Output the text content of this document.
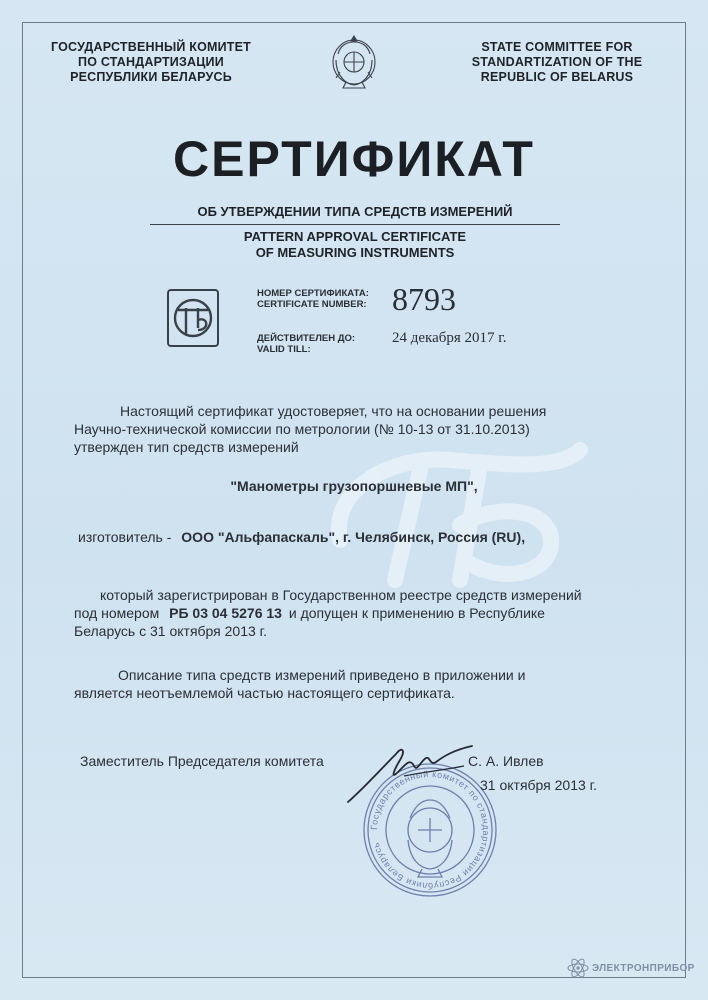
ГОСУДАРСТВЕННЫЙ КОМИТЕТ
ПО СТАНДАРТИЗАЦИИ
РЕСПУБЛИКИ БЕЛАРУСЬ
STATE COMMITTEE FOR
STANDARTIZATION OF THE
REPUBLIC OF BELARUS
СЕРТИФИКАТ
ОБ УТВЕРЖДЕНИИ ТИПА СРЕДСТВ ИЗМЕРЕНИЙ
PATTERN APPROVAL CERTIFICATE
OF MEASURING INSTRUMENTS
НОМЕР СЕРТИФИКАТА:
CERTIFICATE NUMBER: 8793
ДЕЙСТВИТЕЛЕН ДО:
VALID TILL:
24 декабря 2017 г.
Настоящий сертификат удостоверяет, что на основании решения
Научно-технической комиссии по метрологии (№ 10-13 от 31.10.2013)
утвержден тип средств измерений
"Манометры грузопоршневые МП",
изготовитель - ООО "Альфапаскаль", г. Челябинск, Россия (RU),
который зарегистрирован в Государственном реестре средств измерений
под номером РБ 03 04 5276 13 и допущен к применению в Республике
Беларусь с 31 октября 2013 г.
Описание типа средств измерений приведено в приложении и
является неотъемлемой частью настоящего сертификата.
Государственный комитет по стандартизации Республики Беларусь
Заместитель Председателя комитета	С. А. Ивлев
31 октября 2013 г.
ЭЛЕКТРОНПРИБОР
